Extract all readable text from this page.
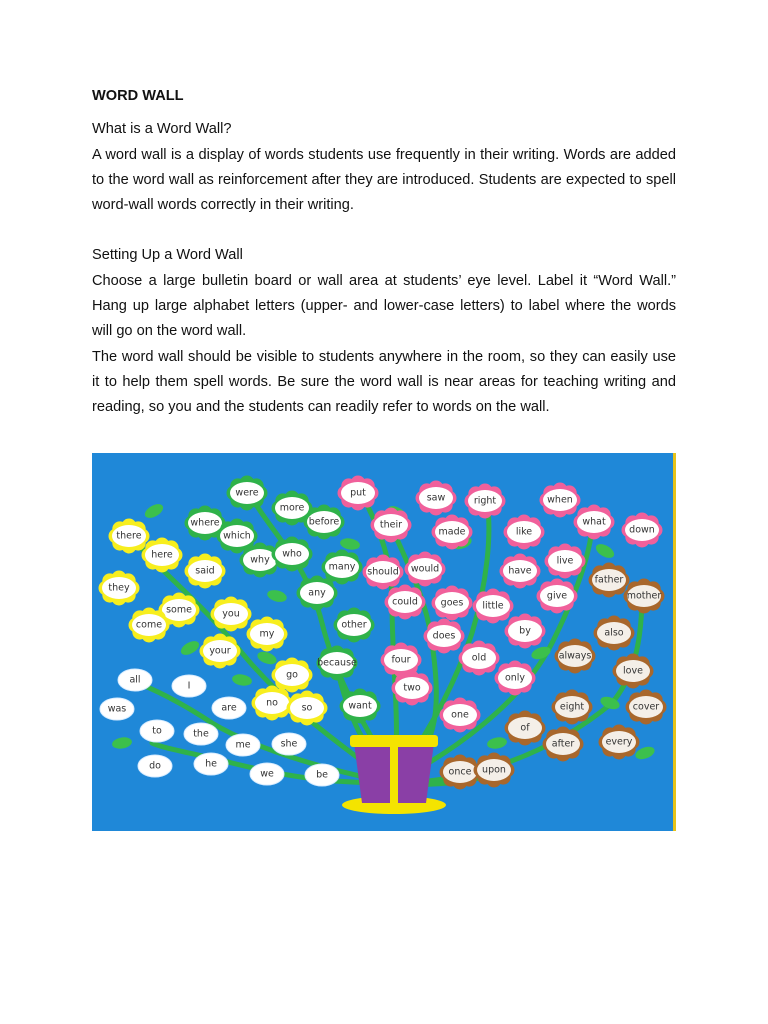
WORD WALL

What is a Word Wall?

A word wall is a display of words students use frequently in their writing. Words are added to the word wall as reinforcement after they are introduced. Students are expected to spell word-wall words correctly in their writing.

Setting Up a Word Wall

Choose a large bulletin board or wall area at students’ eye level. Label it “Word Wall.” Hang up large alphabet letters (upper- and lower-case letters) to label where the words will go on the word wall.

The word wall should be visible to students anywhere in the room, so they can easily use it to help them spell words. Be sure the word wall is near areas for teaching writing and reading, so you and the students can readily refer to words on the wall.

there
here
they
said
some
come
you
my
your
go
no so
were
where
more
which
before
why
who
many
any
other
because
want
put	saw	right
their
made
should would
could goes little
does
four
two
old
one
when
what
down
like
live
have
give
by
only
father
mother
also
always
love
eight	cover
of
after	every
once upon
all
I
was	are
to	the
me	she
do	he
we	be
